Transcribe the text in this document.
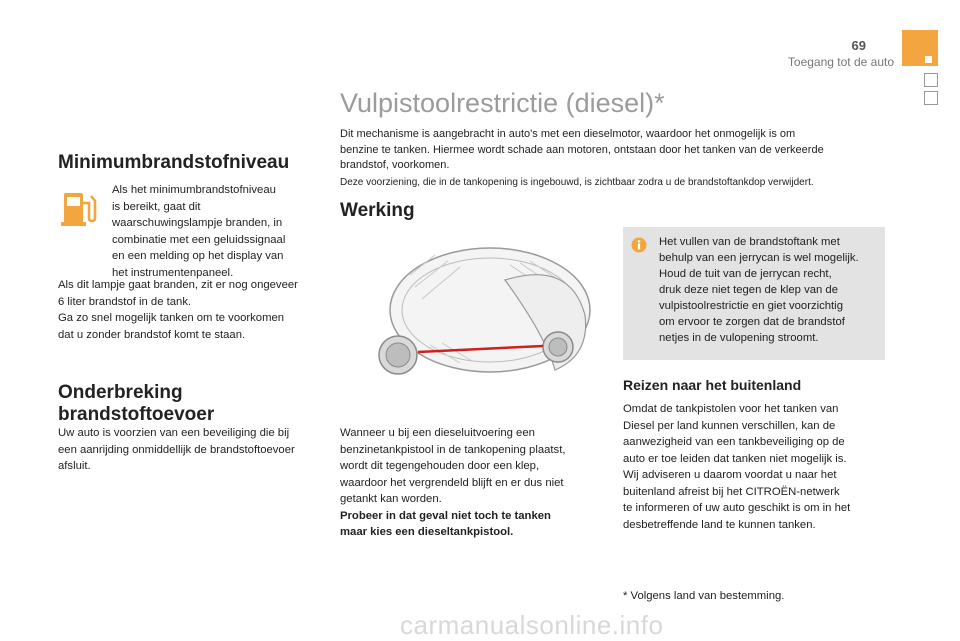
69
Toegang tot de auto
Minimumbrandstofniveau
Als het minimumbrandstofniveau
is bereikt, gaat dit
waarschuwingslampje branden, in
combinatie met een geluidssignaal
en een melding op het display van
het instrumentenpaneel.
Als dit lampje gaat branden, zit er nog ongeveer
6 liter brandstof in de tank.
Ga zo snel mogelijk tanken om te voorkomen
dat u zonder brandstof komt te staan.
Onderbreking
brandstoftoevoer
Uw auto is voorzien van een beveiliging die bij
een aanrijding onmiddellijk de brandstoftoevoer
afsluit.
Vulpistoolrestrictie (diesel)*
Dit mechanisme is aangebracht in auto's met een dieselmotor, waardoor het onmogelijk is om
benzine te tanken. Hiermee wordt schade aan motoren, ontstaan door het tanken van de verkeerde
brandstof, voorkomen.
Deze voorziening, die in de tankopening is ingebouwd, is zichtbaar zodra u de brandstoftankdop verwijdert.
Werking
Wanneer u bij een dieseluitvoering een
benzinetankpistool in de tankopening plaatst,
wordt dit tegengehouden door een klep,
waardoor het vergrendeld blijft en er dus niet
getankt kan worden.
Probeer in dat geval niet toch te tanken
maar kies een dieseltankpistool.
Het vullen van de brandstoftank met
behulp van een jerrycan is wel mogelijk.
Houd de tuit van de jerrycan recht,
druk deze niet tegen de klep van de
vulpistoolrestrictie en giet voorzichtig
om ervoor te zorgen dat de brandstof
netjes in de vulopening stroomt.
Reizen naar het buitenland
Omdat de tankpistolen voor het tanken van
Diesel per land kunnen verschillen, kan de
aanwezigheid van een tankbeveiliging op de
auto er toe leiden dat tanken niet mogelijk is.
Wij adviseren u daarom voordat u naar het
buitenland afreist bij het CITROËN-netwerk
te informeren of uw auto geschikt is om in het
desbetreffende land te kunnen tanken.
* Volgens land van bestemming.
carmanualsonline.info
